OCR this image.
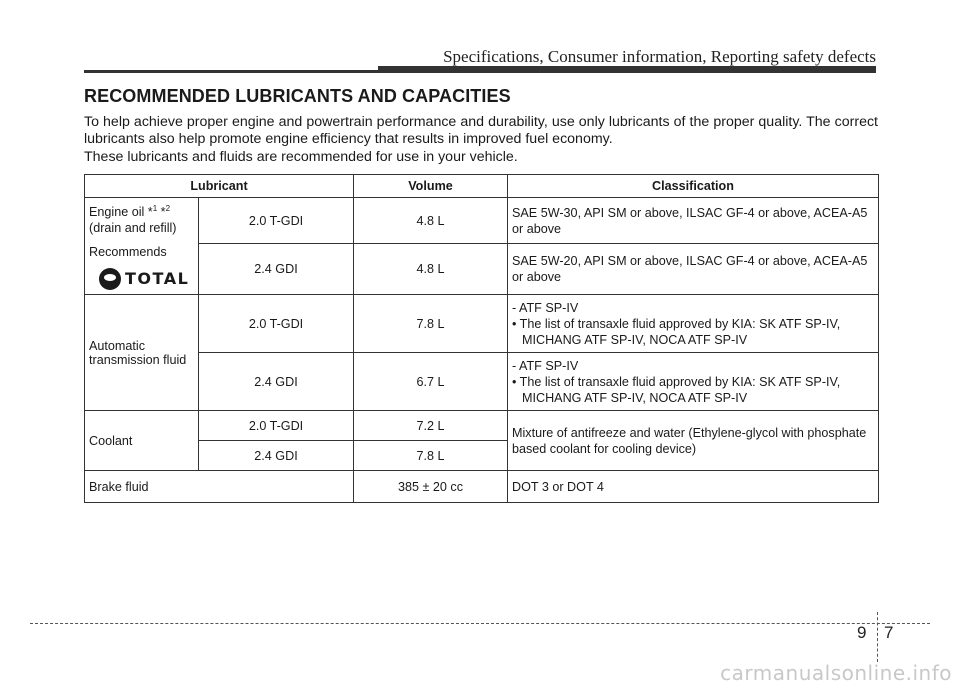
Specifications, Consumer information, Reporting safety defects
RECOMMENDED LUBRICANTS AND CAPACITIES
To help achieve proper engine and powertrain performance and durability, use only lubricants of the proper quality. The correct lubricants also help promote engine efficiency that results in improved fuel economy.
These lubricants and fluids are recommended for use in your vehicle.
Lubricant		Volume	Classification
Engine oil *$^1$ *$^2$
(drain and refill)

Recommends
TOTAL	2.0 T-GDI	4.8 L	SAE 5W-30, API SM or above, ILSAC GF-4 or above, ACEA-A5 or above
	2.4 GDI	4.8 L	SAE 5W-20, API SM or above, ILSAC GF-4 or above, ACEA-A5 or above
Automatic transmission fluid	2.0 T-GDI	7.8 L	- ATF SP-IV
• The list of transaxle fluid approved by KIA: SK ATF SP-IV,
MICHANG ATF SP-IV, NOCA ATF SP-IV

	2.4 GDI	6.7 L	- ATF SP-IV
• The list of transaxle fluid approved by KIA: SK ATF SP-IV,
MICHANG ATF SP-IV, NOCA ATF SP-IV

Coolant	2.0 T-GDI	7.2 L	Mixture of antifreeze and water (Ethylene-glycol with phosphate based coolant for cooling device)
	2.4 GDI	7.8 L	
Brake fluid		385 ± 20 cc	DOT 3 or DOT 4
9 7
carmanualsonline.info
